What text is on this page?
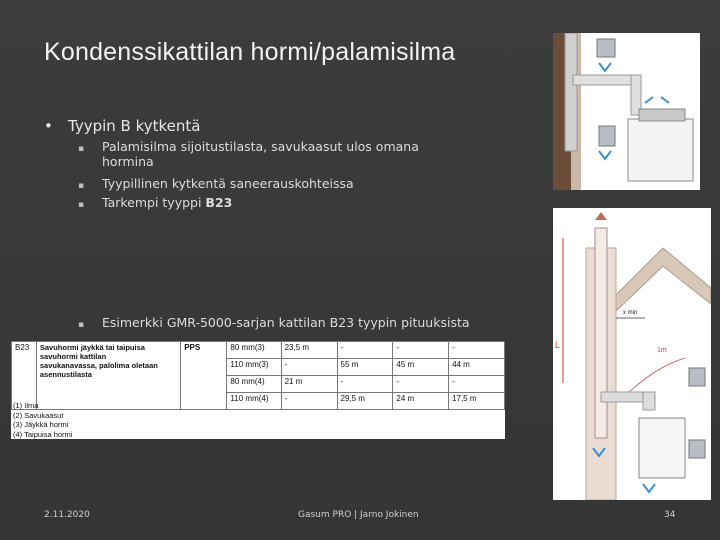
Kondenssikattilan hormi/palamisilma
• Tyypin B kytkentä
▪ Palamisilma sijoitustilasta, savukaasut ulos omana hormina
▪ Tyypillinen kytkentä saneerauskohteissa
▪ Tarkempi tyyppi B23
▪ Esimerkki GMR-5000-sarjan kattilan B23 tyypin pituuksista
B23	Savuhormi jäykkä tai taipuisa
savuhormi kattilan
savukanavassa, palolima oletaan
asennustilasta	PPS	80 mm(3)	23,5 m	-	-	-
			110 mm(3)	-	55 m	45 m	44 m
			80 mm(4)	21 m	-	-	-
			110 mm(4)	-	29,5 m	24 m	17,5 m
(1) Ilma
(2) Savukaasut
(3) Jäykkä hormi
(4) Taipuisa hormi
L
x min
1m
2.11.2020	Gasum PRO | Jarno Jokinen	34
